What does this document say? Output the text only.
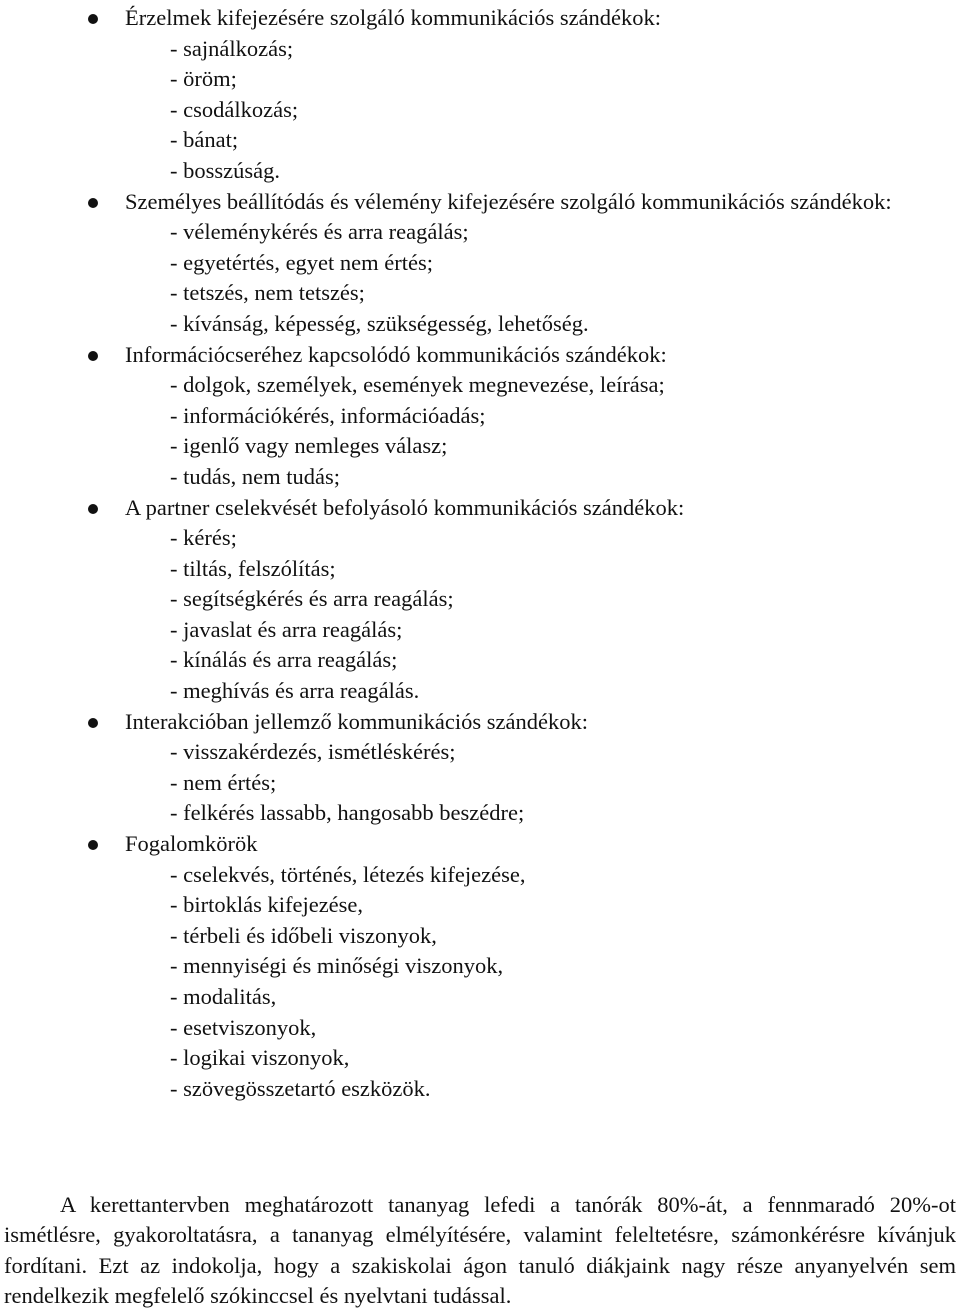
Érzelmek kifejezésére szolgáló kommunikációs szándékok:
- sajnálkozás;
- öröm;
- csodálkozás;
- bánat;
- bosszúság.
Személyes beállítódás és vélemény kifejezésére szolgáló kommunikációs szándékok:
- véleménykérés és arra reagálás;
- egyetértés, egyet nem értés;
- tetszés, nem tetszés;
- kívánság, képesség, szükségesség, lehetőség.
Információcseréhez kapcsolódó kommunikációs szándékok:
- dolgok, személyek, események megnevezése, leírása;
- információkérés, információadás;
- igenlő vagy nemleges válasz;
- tudás, nem tudás;
A partner cselekvését befolyásoló kommunikációs szándékok:
- kérés;
- tiltás, felszólítás;
- segítségkérés és arra reagálás;
- javaslat és arra reagálás;
- kínálás és arra reagálás;
- meghívás és arra reagálás.
Interakcióban jellemző kommunikációs szándékok:
- visszakérdezés, ismétléskérés;
- nem értés;
- felkérés lassabb, hangosabb beszédre;
Fogalomkörök
- cselekvés, történés, létezés kifejezése,
- birtoklás kifejezése,
- térbeli és időbeli viszonyok,
- mennyiségi és minőségi viszonyok,
- modalitás,
- esetviszonyok,
- logikai viszonyok,
- szövegösszetartó eszközök.

A kerettantervben meghatározott tananyag lefedi a tanórák 80%-át, a fennmaradó 20%-ot ismétlésre, gyakoroltatásra, a tananyag elmélyítésére, valamint feleltetésre, számonkérésre kívánjuk fordítani. Ezt az indokolja, hogy a szakiskolai ágon tanuló diákjaink nagy része anyanyelvén sem rendelkezik megfelelő szókinccsel és nyelvtani tudással.
